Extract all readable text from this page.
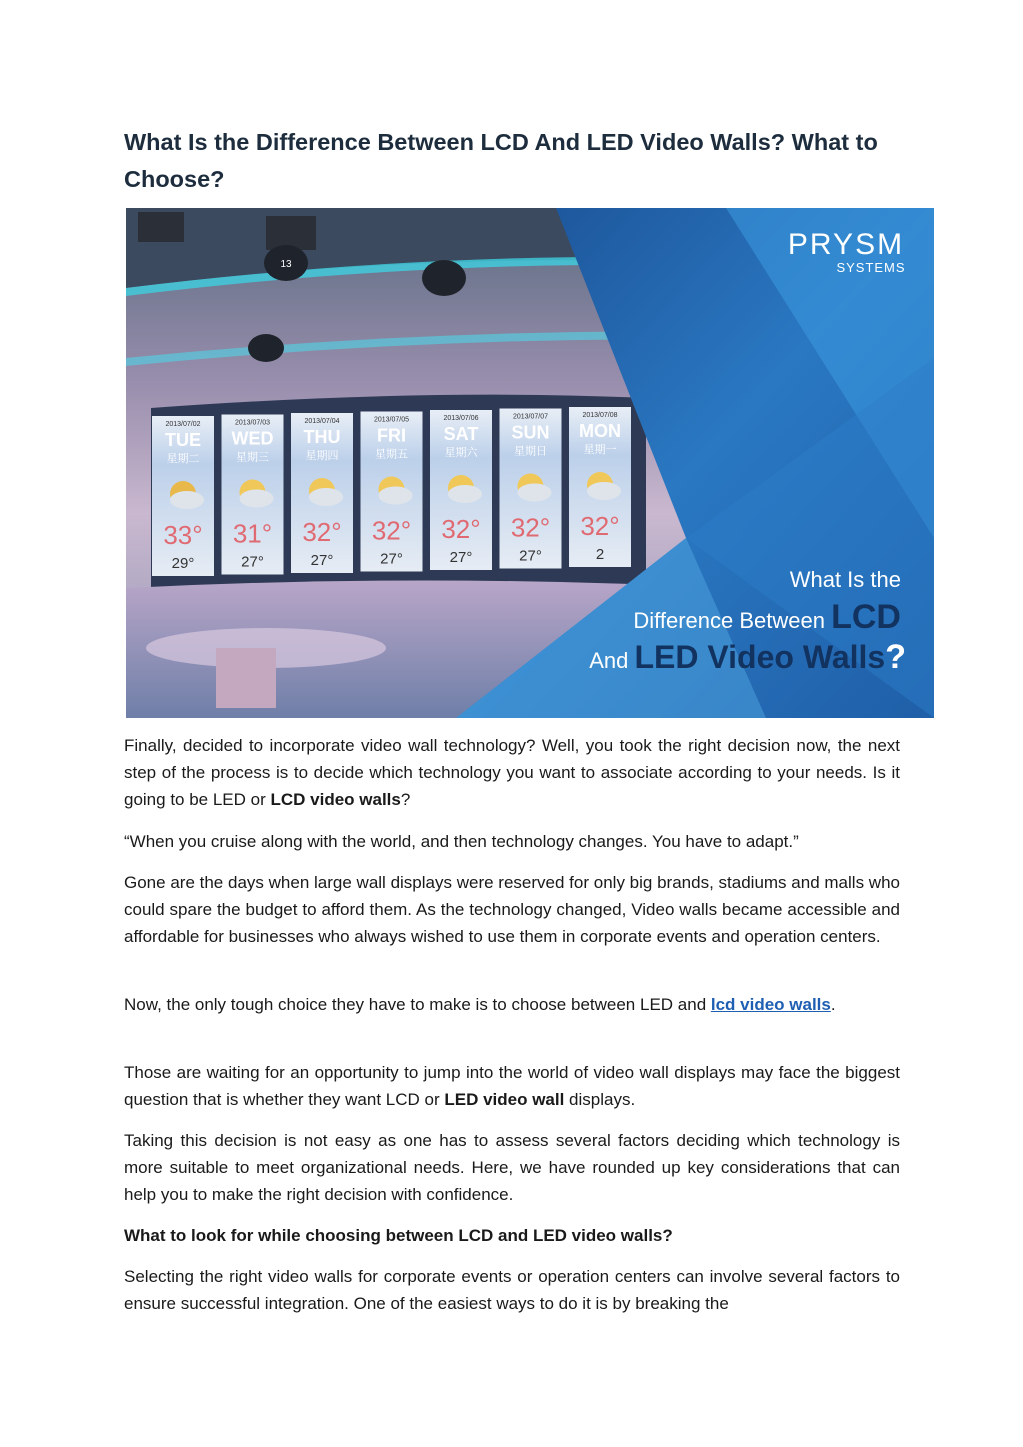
What Is the Difference Between LCD And LED Video Walls? What to Choose?
13
2013/07/02
TUE
星期二
33°
29°
2013/07/03
WED
星期三
31°
27°
2013/07/04
THU
星期四
32°
27°
2013/07/05
FRI
星期五
32°
27°
2013/07/06
SAT
星期六
32°
27°
2013/07/07
SUN
星期日
32°
27°
2013/07/08
MON
星期一
32°
2
PRYSM
SYSTEMS
What Is the
Difference Between LCD
And LED Video Walls?

Finally, decided to incorporate video wall technology? Well, you took the right decision now, the next step of the process is to decide which technology you want to associate according to your needs. Is it going to be LED or LCD video walls?

“When you cruise along with the world, and then technology changes. You have to adapt.”

Gone are the days when large wall displays were reserved for only big brands, stadiums and malls who could spare the budget to afford them. As the technology changed, Video walls became accessible and affordable for businesses who always wished to use them in corporate events and operation centers.

Now, the only tough choice they have to make is to choose between LED and lcd video walls.

Those are waiting for an opportunity to jump into the world of video wall displays may face the biggest question that is whether they want LCD or LED video wall displays.

Taking this decision is not easy as one has to assess several factors deciding which technology is more suitable to meet organizational needs. Here, we have rounded up key considerations that can help you to make the right decision with confidence.

What to look for while choosing between LCD and LED video walls?

Selecting the right video walls for corporate events or operation centers can involve several factors to ensure successful integration. One of the easiest ways to do it is by breaking the
